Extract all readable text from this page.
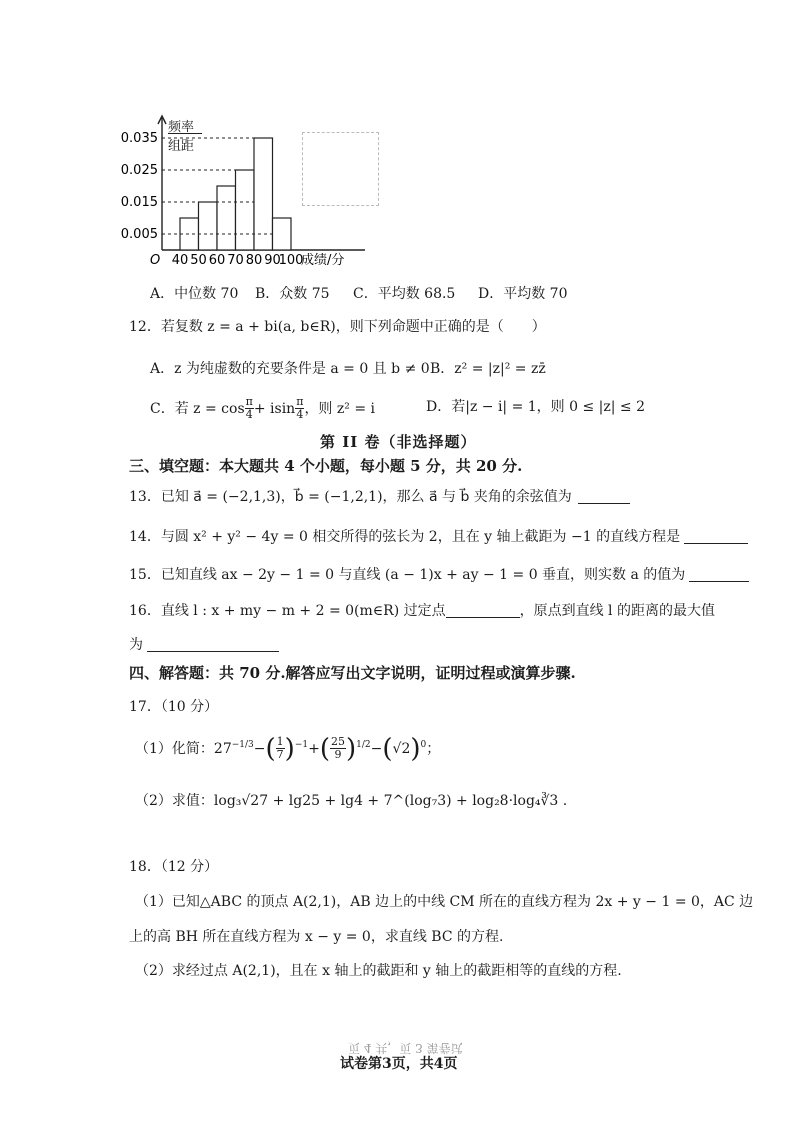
O
0.005
0.015
0.025
0.035
40 50 60 70 80 90
100
成绩/分
频率
组距
A．中位数 70 B．众数 75 C．平均数 68.5 D．平均数 70
12．若复数 z = a + bi(a, b∈R)，则下列命题中正确的是（　　）
A．z 为纯虚数的充要条件是 a = 0 且 b ≠ 0 B．z² = |z|² = zz̄
C．若 $z = \cos \frac{\pi}{4} + isin \frac{\pi}{4}$ ，则 z² = i	D．若|z − i| = 1，则 0 ≤ |z| ≤ 2
第 II 卷（非选择题）
三、填空题：本大题共 4 个小题，每小题 5 分，共 20 分.
13．已知 a⃗ = (−2,1,3)，b⃗ = (−1,2,1)，那么 a⃗ 与 b⃗ 夹角的余弦值为
14．与圆 x² + y² − 4y = 0 相交所得的弦长为 2，且在 y 轴上截距为 −1 的直线方程是
15．已知直线 ax − 2y − 1 = 0 与直线 (a − 1)x + ay − 1 = 0 垂直，则实数 a 的值为
16．直线 l : x + my − m + 2 = 0(m∈R) 过定点	，原点到直线 l 的距离的最大值
为
四、解答题：共 70 分.解答应写出文字说明，证明过程或演算步骤.
17．（10 分）
（1）化简： $27^{-1/3}$ − ( $\frac{1}{7} )^{-1}$ + ( $\frac{25}{9} )^{1/2}$ − ( √2 )$^0$ ；
（2）求值：log₃√27 + lg25 + lg4 + 7^(log₇3) + log₂8·log₄∛3 .
18．（12 分）
（1）已知△ABC 的顶点 A(2,1)，AB 边上的中线 CM 所在的直线方程为 2x + y − 1 = 0，AC 边
上的高 BH 所在直线方程为 x − y = 0，求直线 BC 的方程.
（2）求经过点 A(2,1)，且在 x 轴上的截距和 y 轴上的截距相等的直线的方程.
页 4 共，页 3 第卷试
试卷第3页，共4页
